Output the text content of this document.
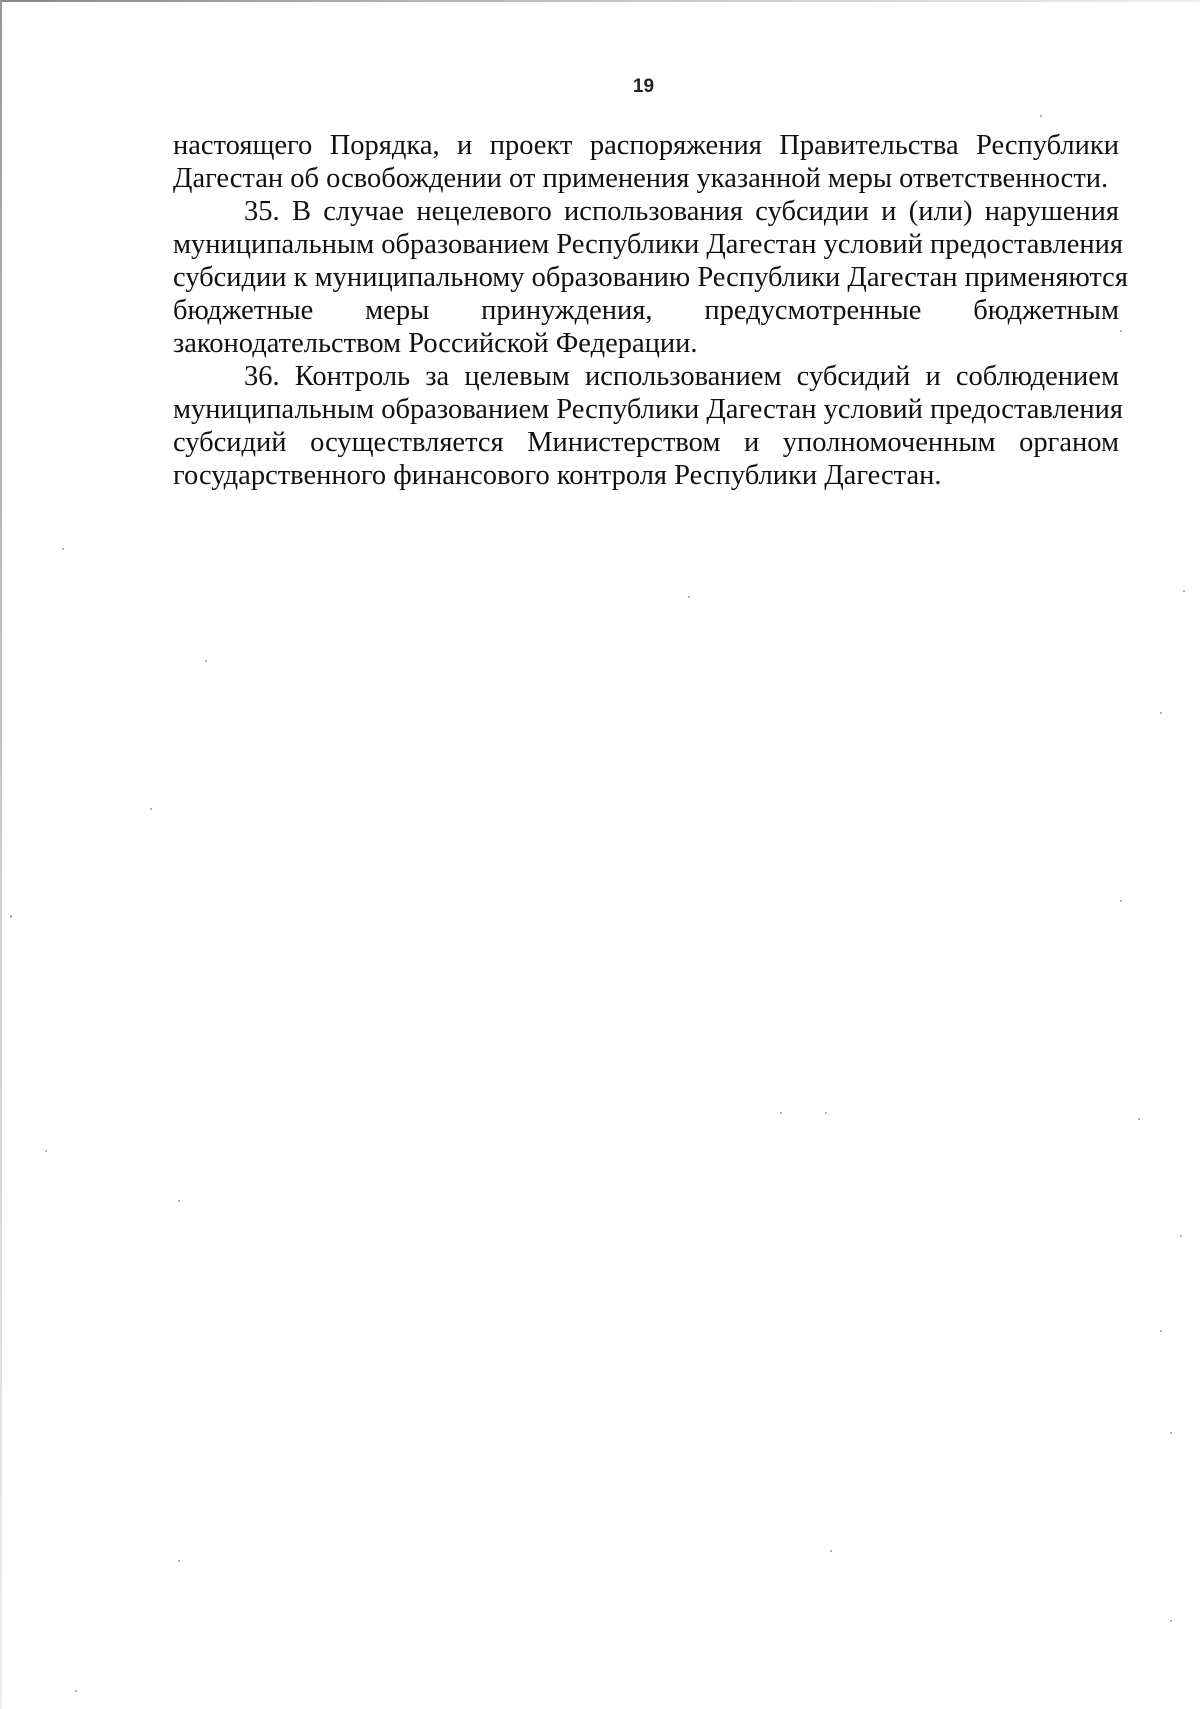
19

настоящего Порядка, и проект распоряжения Правительства Республики
Дагестан об освобождении от применения указанной меры ответственности.

35. В случае нецелевого использования субсидии и (или) нарушения
муниципальным образованием Республики Дагестан условий предоставления
субсидии к муниципальному образованию Республики Дагестан применяются
бюджетные меры принуждения, предусмотренные бюджетным
законодательством Российской Федерации.

36. Контроль за целевым использованием субсидий и соблюдением
муниципальным образованием Республики Дагестан условий предоставления
субсидий осуществляется Министерством и уполномоченным органом
государственного финансового контроля Республики Дагестан.
